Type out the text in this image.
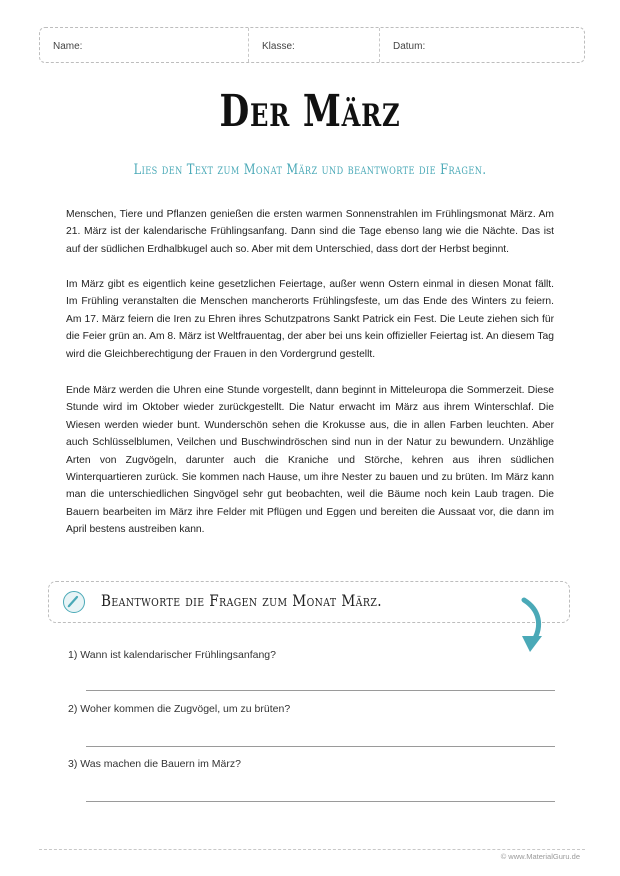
Name:	Klasse:	Datum:
Der März
Lies den Text zum Monat März und beantworte die Fragen.

Menschen, Tiere und Pflanzen genießen die ersten warmen Sonnenstrahlen im Frühlingsmonat März. Am 21. März ist der kalendarische Frühlingsanfang. Dann sind die Tage ebenso lang wie die Nächte. Das ist auf der südlichen Erdhalbkugel auch so. Aber mit dem Unterschied, dass dort der Herbst beginnt.

Im März gibt es eigentlich keine gesetzlichen Feiertage, außer wenn Ostern einmal in diesen Monat fällt. Im Frühling veranstalten die Menschen mancherorts Frühlingsfeste, um das Ende des Winters zu feiern. Am 17. März feiern die Iren zu Ehren ihres Schutzpatrons Sankt Patrick ein Fest. Die Leute ziehen sich für die Feier grün an. Am 8. März ist Weltfrauentag, der aber bei uns kein offizieller Feiertag ist. An diesem Tag wird die Gleichberechtigung der Frauen in den Vordergrund gestellt.

Ende März werden die Uhren eine Stunde vorgestellt, dann beginnt in Mitteleuropa die Sommerzeit. Diese Stunde wird im Oktober wieder zurückgestellt. Die Natur erwacht im März aus ihrem Winterschlaf. Die Wiesen werden wieder bunt. Wunderschön sehen die Krokusse aus, die in allen Farben leuchten. Aber auch Schlüsselblumen, Veilchen und Buschwindröschen sind nun in der Natur zu bewundern. Unzählige Arten von Zugvögeln, darunter auch die Kraniche und Störche, kehren aus ihren südlichen Winterquartieren zurück. Sie kommen nach Hause, um ihre Nester zu bauen und zu brüten. Im März kann man die unterschiedlichen Singvögel sehr gut beobachten, weil die Bäume noch kein Laub tragen. Die Bauern bearbeiten im März ihre Felder mit Pflügen und Eggen und bereiten die Aussaat vor, die dann im April bestens austreiben kann.

Beantworte die Fragen zum Monat März.
1) Wann ist kalendarischer Frühlingsanfang?
2) Woher kommen die Zugvögel, um zu brüten?
3) Was machen die Bauern im März?
© www.MaterialGuru.de
